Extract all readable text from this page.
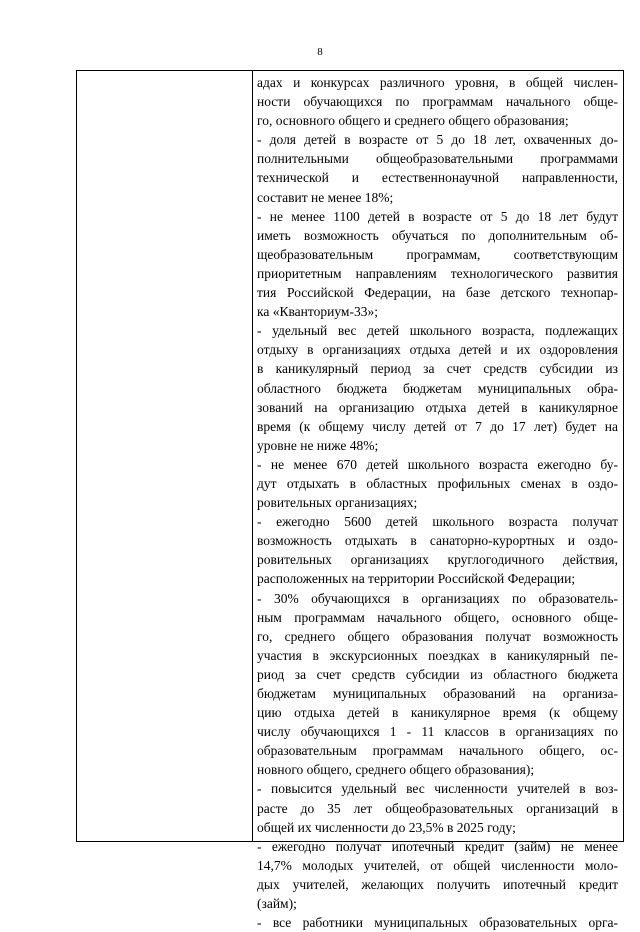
8
адах и конкурсах различного уровня, в общей числен-
ности обучающихся по программам начального обще-
го, основного общего и среднего общего образования;
- доля детей в возрасте от 5 до 18 лет, охваченных до-
полнительными общеобразовательными программами
технической и естественнонаучной направленности,
составит не менее 18%;
- не менее 1100 детей в возрасте от 5 до 18 лет будут
иметь возможность обучаться по дополнительным об-
щеобразовательным программам, соответствующим
приоритетным направлениям технологического развития
тия Российской Федерации, на базе детского технопар-
ка «Кванториум-33»;
- удельный вес детей школьного возраста, подлежащих
отдыху в организациях отдыха детей и их оздоровления
в каникулярный период за счет средств субсидии из
областного бюджета бюджетам муниципальных обра-
зований на организацию отдыха детей в каникулярное
время (к общему числу детей от 7 до 17 лет) будет на
уровне не ниже 48%;
- не менее 670 детей школьного возраста ежегодно бу-
дут отдыхать в областных профильных сменах в оздо-
ровительных организациях;
- ежегодно 5600 детей школьного возраста получат
возможность отдыхать в санаторно-курортных и оздо-
ровительных организациях круглогодичного действия,
расположенных на территории Российской Федерации;
- 30% обучающихся в организациях по образователь-
ным программам начального общего, основного обще-
го, среднего общего образования получат возможность
участия в экскурсионных поездках в каникулярный пе-
риод за счет средств субсидии из областного бюджета
бюджетам муниципальных образований на организа-
цию отдыха детей в каникулярное время (к общему
числу обучающихся 1 - 11 классов в организациях по
образовательным программам начального общего, ос-
новного общего, среднего общего образования);
- повысится удельный вес численности учителей в воз-
расте до 35 лет общеобразовательных организаций в
общей их численности до 23,5% в 2025 году;
- ежегодно получат ипотечный кредит (займ) не менее
14,7% молодых учителей, от общей численности моло-
дых учителей, желающих получить ипотечный кредит
(займ);
- все работники муниципальных образовательных орга-
